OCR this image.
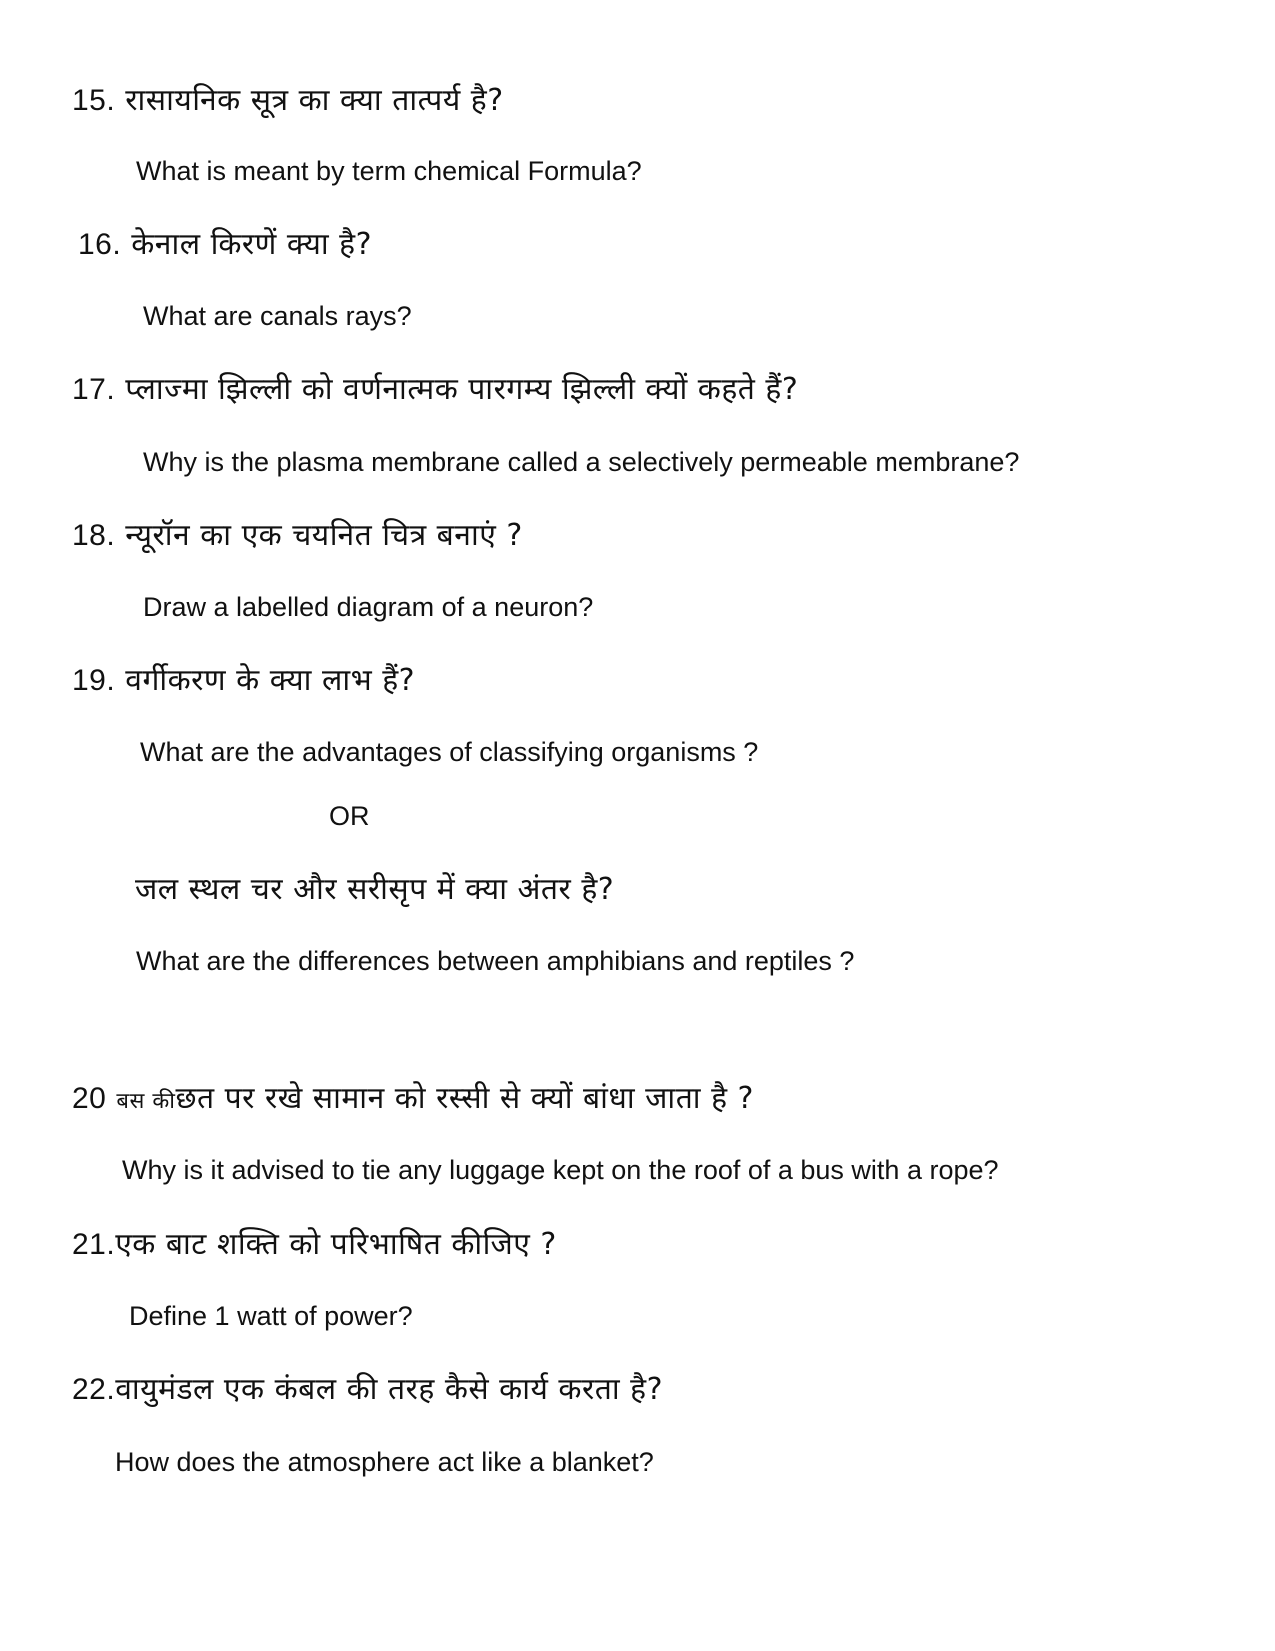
15. रासायनिक सूत्र का क्या तात्पर्य है?
What is meant by term chemical Formula?
16. केनाल किरणें क्या है?
What are canals rays?
17. प्लाज्मा झिल्ली को वर्णनात्मक पारगम्य झिल्ली क्यों कहते हैं?
Why is the plasma membrane called a selectively permeable membrane?
18. न्यूरॉन का एक चयनित चित्र बनाएं ?
Draw a labelled diagram of a neuron?
19. वर्गीकरण के क्या लाभ हैं?
What are the advantages of classifying organisms ?
OR
जल स्थल चर और सरीसृप में क्या अंतर है?
What are the differences between amphibians and reptiles ?
20 बस कीछत पर रखे सामान को रस्सी से क्यों बांधा जाता है ?
Why is it advised to tie any luggage kept on the roof of a bus with a rope?
21.एक बाट शक्ति को परिभाषित कीजिए ?
Define 1 watt of power?
22.वायुमंडल एक कंबल की तरह कैसे कार्य करता है?
How does the atmosphere act like a blanket?
